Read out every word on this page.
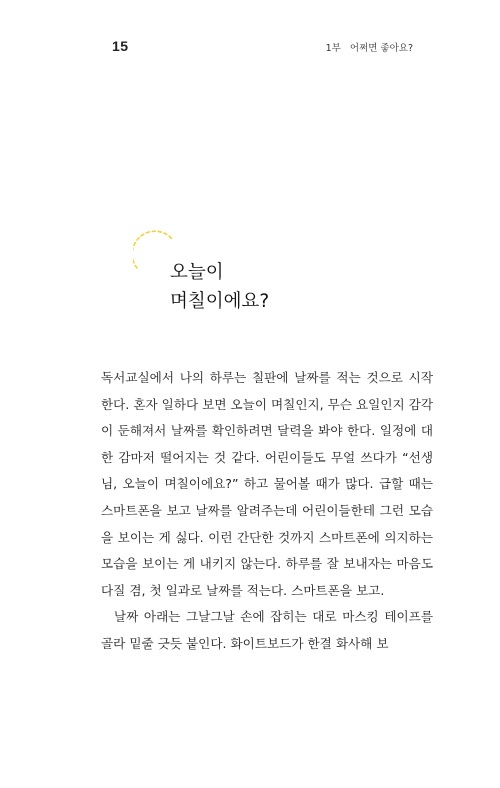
15	1부   어쩌면 좋아요?
오늘이
며칠이에요?

독서교실에서 나의 하루는 칠판에 날짜를 적는 것으로 시작한다. 혼자 일하다 보면 오늘이 며칠인지, 무슨 요일인지 감각이 둔해져서 날짜를 확인하려면 달력을 봐야 한다. 일정에 대한 감마저 떨어지는 것 같다. 어린이들도 무얼 쓰다가 “선생님, 오늘이 며칠이에요?” 하고 물어볼 때가 많다. 급할 때는 스마트폰을 보고 날짜를 알려주는데 어린이들한테 그런 모습을 보이는 게 싫다. 이런 간단한 것까지 스마트폰에 의지하는 모습을 보이는 게 내키지 않는다. 하루를 잘 보내자는 마음도 다질 겸, 첫 일과로 날짜를 적는다. 스마트폰을 보고.

날짜 아래는 그날그날 손에 잡히는 대로 마스킹 테이프를 골라 밑줄 긋듯 붙인다. 화이트보드가 한결 화사해 보
